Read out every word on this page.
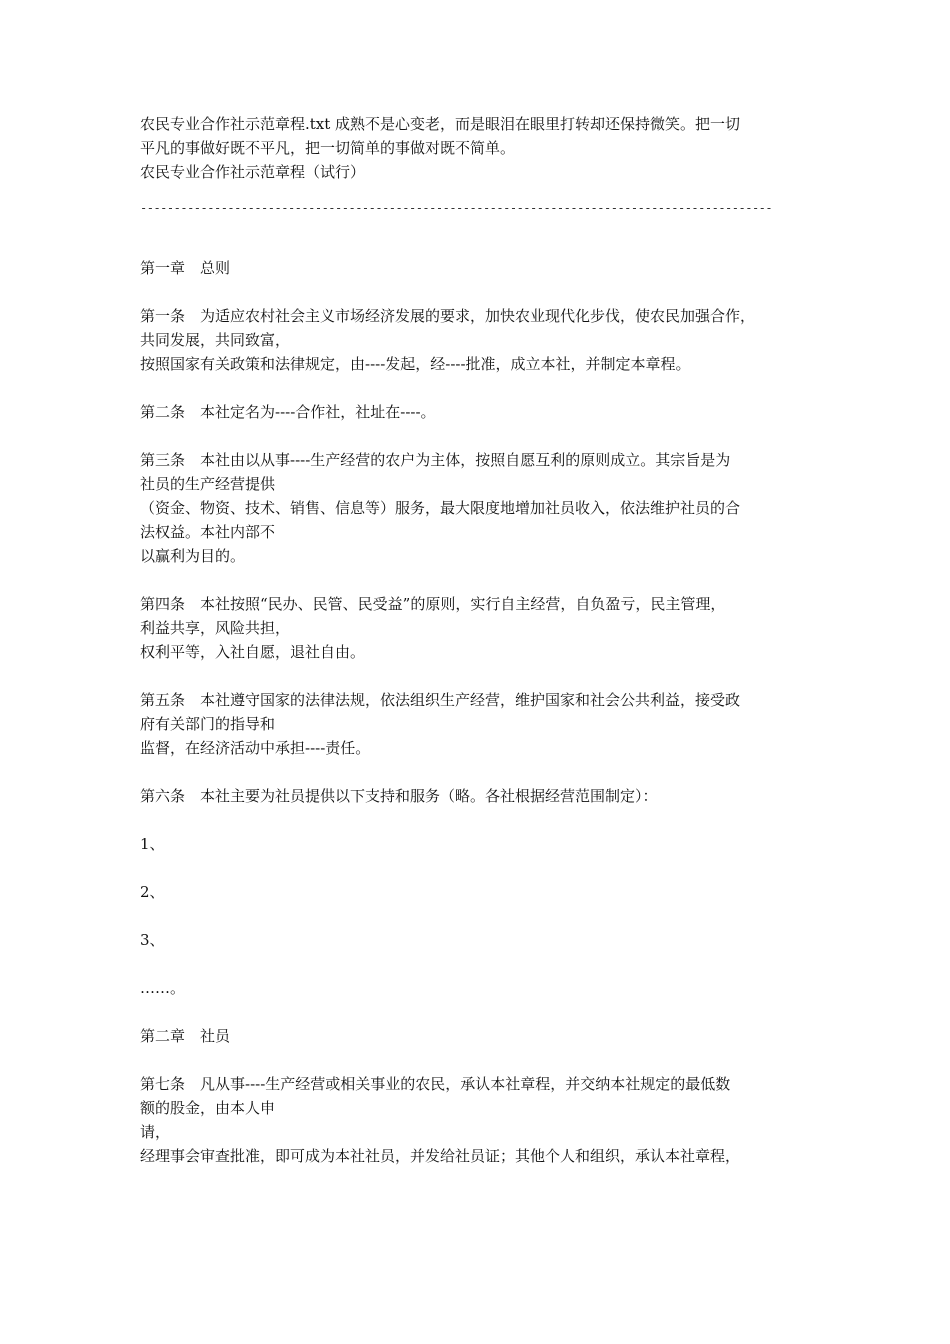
农民专业合作社示范章程.txt 成熟不是心变老，而是眼泪在眼里打转却还保持微笑。把一切
平凡的事做好既不平凡，把一切简单的事做对既不简单。
农民专业合作社示范章程（试行）
----------------------------------------------------------------------------------------------
第一章　总则
第一条　为适应农村社会主义市场经济发展的要求，加快农业现代化步伐，使农民加强合作，
共同发展，共同致富，
按照国家有关政策和法律规定，由----发起，经----批准，成立本社，并制定本章程。
第二条　本社定名为----合作社，社址在----。
第三条　本社由以从事----生产经营的农户为主体，按照自愿互利的原则成立。其宗旨是为
社员的生产经营提供
（资金、物资、技术、销售、信息等）服务，最大限度地增加社员收入，依法维护社员的合
法权益。本社内部不
以赢利为目的。
第四条　本社按照“民办、民管、民受益”的原则，实行自主经营，自负盈亏，民主管理，
利益共享，风险共担，
权利平等，入社自愿，退社自由。
第五条　本社遵守国家的法律法规，依法组织生产经营，维护国家和社会公共利益，接受政
府有关部门的指导和
监督，在经济活动中承担----责任。
第六条　本社主要为社员提供以下支持和服务（略。各社根据经营范围制定）：
1、
2、
3、
……。
第二章　社员
第七条　凡从事----生产经营或相关事业的农民，承认本社章程，并交纳本社规定的最低数
额的股金，由本人申
请，
经理事会审查批准，即可成为本社社员，并发给社员证；其他个人和组织，承认本社章程，
